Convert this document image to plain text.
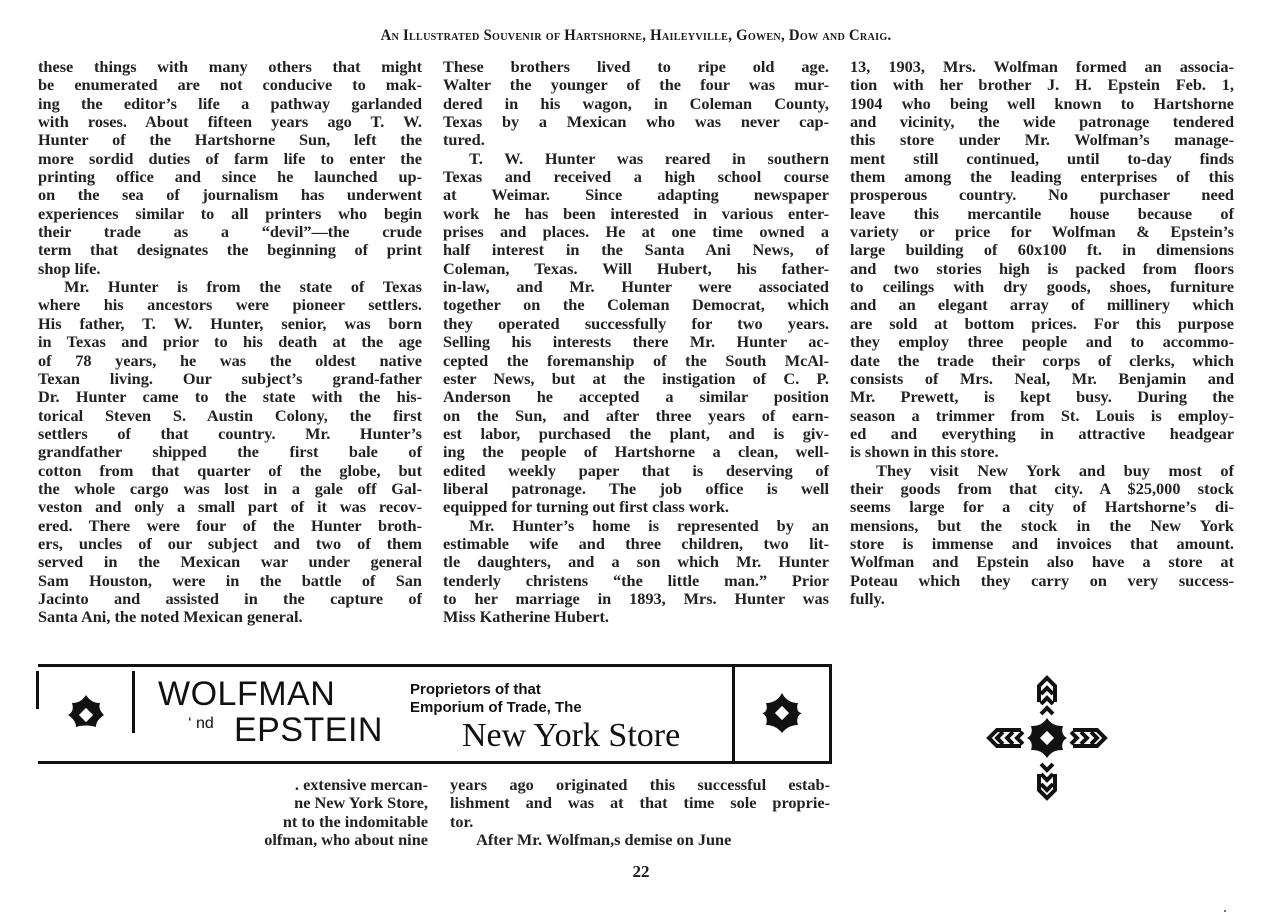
An Illustrated Souvenir of Hartshorne, Haileyville, Gowen, Dow and Craig.

these things with many others that might
be enumerated are not conducive to mak-
ing the editor’s life a pathway garlanded
with roses. About fifteen years ago T. W.
Hunter of the Hartshorne Sun, left the
more sordid duties of farm life to enter the
printing office and since he launched up-
on the sea of journalism has underwent
experiences similar to all printers who begin
their trade as a “devil”—the crude
term that designates the beginning of print
shop life.

Mr. Hunter is from the state of Texas
where his ancestors were pioneer settlers.
His father, T. W. Hunter, senior, was born
in Texas and prior to his death at the age
of 78 years, he was the oldest native
Texan living. Our subject’s grand-father
Dr. Hunter came to the state with the his-
torical Steven S. Austin Colony, the first
settlers of that country. Mr. Hunter’s
grandfather shipped the first bale of
cotton from that quarter of the globe, but
the whole cargo was lost in a gale off Gal-
veston and only a small part of it was recov-
ered. There were four of the Hunter broth-
ers, uncles of our subject and two of them
served in the Mexican war under general
Sam Houston, were in the battle of San
Jacinto and assisted in the capture of
Santa Ani, the noted Mexican general.

These brothers lived to ripe old age.
Walter the younger of the four was mur-
dered in his wagon, in Coleman County,
Texas by a Mexican who was never cap-
tured.

T. W. Hunter was reared in southern
Texas and received a high school course
at Weimar. Since adapting newspaper
work he has been interested in various enter-
prises and places. He at one time owned a
half interest in the Santa Ani News, of
Coleman, Texas. Will Hubert, his father-
in-law, and Mr. Hunter were associated
together on the Coleman Democrat, which
they operated successfully for two years.
Selling his interests there Mr. Hunter ac-
cepted the foremanship of the South McAl-
ester News, but at the instigation of C. P.
Anderson he accepted a similar position
on the Sun, and after three years of earn-
est labor, purchased the plant, and is giv-
ing the people of Hartshorne a clean, well-
edited weekly paper that is deserving of
liberal patronage. The job office is well
equipped for turning out first class work.

Mr. Hunter’s home is represented by an
estimable wife and three children, two lit-
tle daughters, and a son which Mr. Hunter
tenderly christens “the little man.” Prior
to her marriage in 1893, Mrs. Hunter was
Miss Katherine Hubert.

13, 1903, Mrs. Wolfman formed an associa-
tion with her brother J. H. Epstein Feb. 1,
1904 who being well known to Hartshorne
and vicinity, the wide patronage tendered
this store under Mr. Wolfman’s manage-
ment still continued, until to-day finds
them among the leading enterprises of this
prosperous country. No purchaser need
leave this mercantile house because of
variety or price for Wolfman & Epstein’s
large building of 60x100 ft. in dimensions
and two stories high is packed from floors
to ceilings with dry goods, shoes, furniture
and an elegant array of millinery which
are sold at bottom prices. For this purpose
they employ three people and to accommo-
date the trade their corps of clerks, which
consists of Mrs. Neal, Mr. Benjamin and
Mr. Prewett, is kept busy. During the
season a trimmer from St. Louis is employ-
ed and everything in attractive headgear
is shown in this store.

They visit New York and buy most of
their goods from that city. A $25,000 stock
seems large for a city of Hartshorne’s di-
mensions, but the stock in the New York
store is immense and invoices that amount.
Wolfman and Epstein also have a store at
Poteau which they carry on very success-
fully.

WOLFMAN
‘ nd EPSTEIN
Proprietors of that
Emporium of Trade, The
New York Store

. extensive mercan-
ne New York Store,
nt to the indomitable
olfman, who about nine

years ago originated this successful estab-
lishment and was at that time sole proprie-
tor.

After Mr. Wolfman,s demise on June

22
